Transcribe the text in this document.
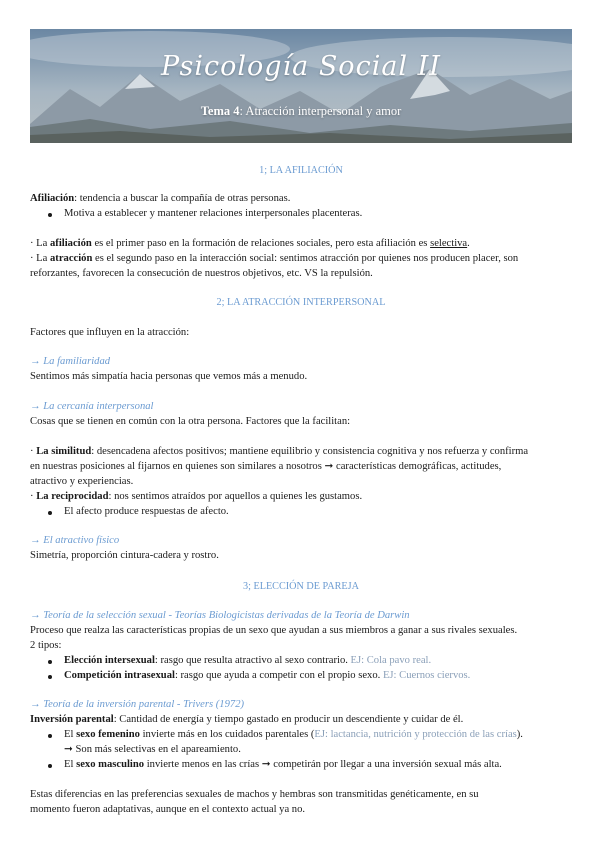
Psicología Social II
Tema 4: Atracción interpersonal y amor
1; LA AFILIACIÓN
Afiliación: tendencia a buscar la compañía de otras personas.
Motiva a establecer y mantener relaciones interpersonales placenteras.
· La afiliación es el primer paso en la formación de relaciones sociales, pero esta afiliación es selectiva.
· La atracción es el segundo paso en la interacción social: sentimos atracción por quienes nos producen placer, son
reforzantes, favorecen la consecución de nuestros objetivos, etc. VS la repulsión.
2; LA ATRACCIÓN INTERPERSONAL
Factores que influyen en la atracción:
→ La familiaridad
Sentimos más simpatía hacia personas que vemos más a menudo.
→ La cercanía interpersonal
Cosas que se tienen en común con la otra persona. Factores que la facilitan:
· La similitud: desencadena afectos positivos; mantiene equilibrio y consistencia cognitiva y nos refuerza y confirma
en nuestras posiciones al fijarnos en quienes son similares a nosotros ➞ características demográficas, actitudes,
atractivo y experiencias.
· La reciprocidad: nos sentimos atraídos por aquellos a quienes les gustamos.
El afecto produce respuestas de afecto.
→ El atractivo físico
Simetría, proporción cintura-cadera y rostro.
3; ELECCIÓN DE PAREJA
→ Teoría de la selección sexual - Teorías Biologicistas derivadas de la Teoría de Darwin
Proceso que realza las características propias de un sexo que ayudan a sus miembros a ganar a sus rivales sexuales.
2 tipos:
Elección intersexual: rasgo que resulta atractivo al sexo contrario. EJ: Cola pavo real.
Competición intrasexual: rasgo que ayuda a competir con el propio sexo. EJ: Cuernos ciervos.
→ Teoría de la inversión parental - Trivers (1972)
Inversión parental: Cantidad de energía y tiempo gastado en producir un descendiente y cuidar de él.
El sexo femenino invierte más en los cuidados parentales (EJ: lactancia, nutrición y protección de las crías).
➞ Son más selectivas en el apareamiento.
El sexo masculino invierte menos en las crías ➞ competirán por llegar a una inversión sexual más alta.
Estas diferencias en las preferencias sexuales de machos y hembras son transmitidas genéticamente, en su
momento fueron adaptativas, aunque en el contexto actual ya no.
